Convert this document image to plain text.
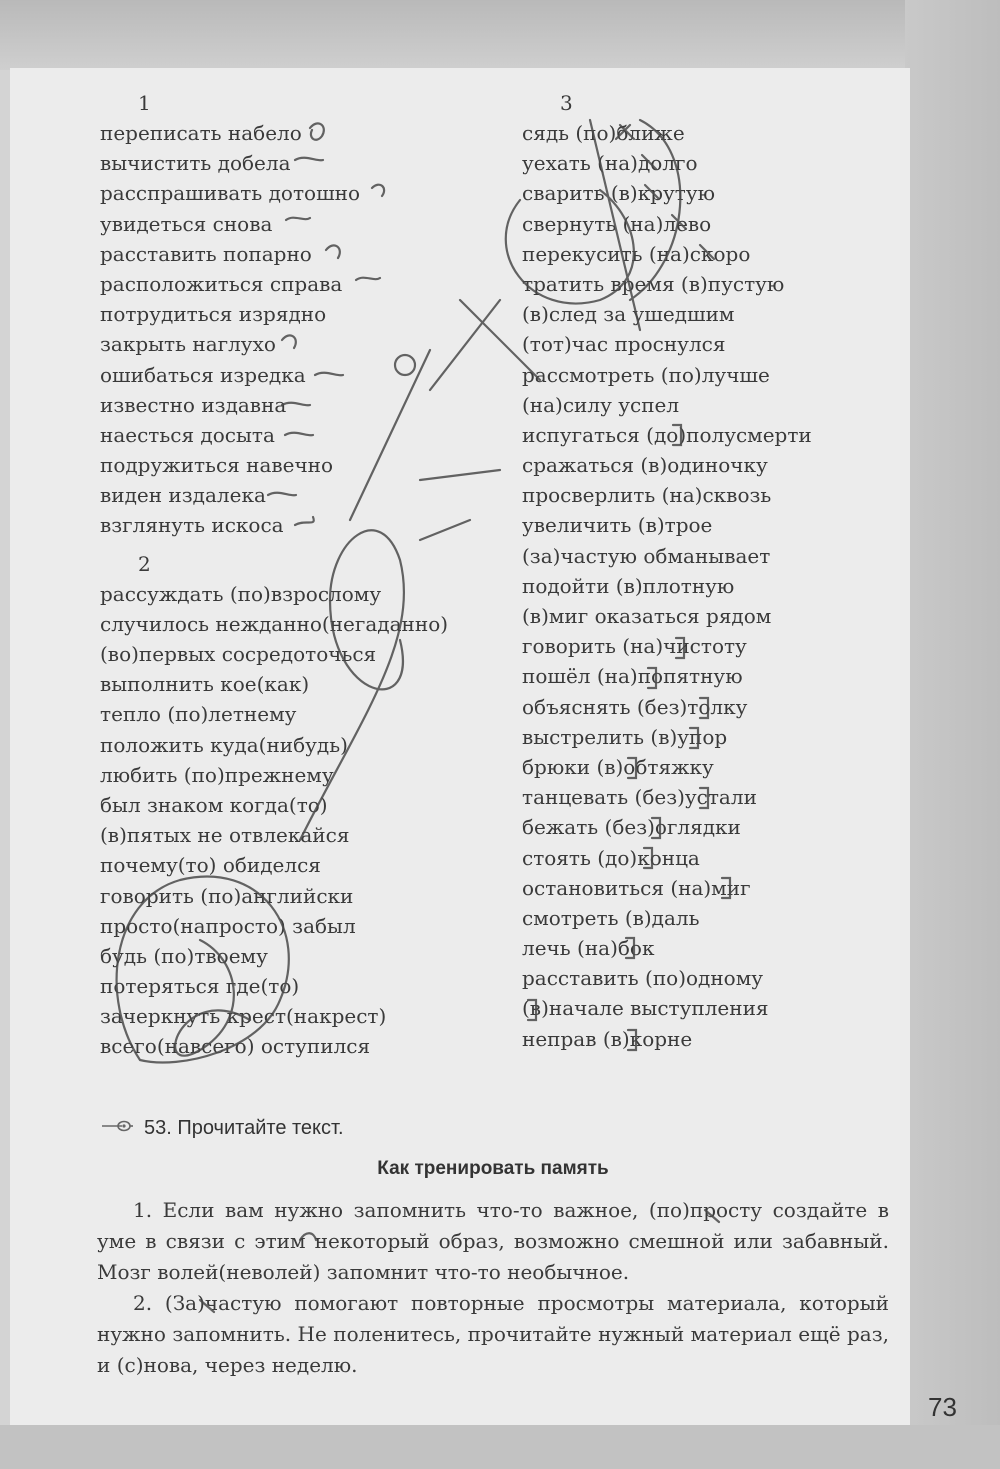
1
переписать набело
вычистить добела
расспрашивать дотошно
увидеться снова
расставить попарно
расположиться справа
потрудиться изрядно
закрыть наглухо
ошибаться изредка
известно издавна
наесться досыта
подружиться навечно
виден издалека
взглянуть искоса
2
рассуждать (по)взрослому
случилось нежданно(негаданно)
(во)первых сосредоточься
выполнить кое(как)
тепло (по)летнему
положить куда(нибудь)
любить (по)прежнему
был знаком когда(то)
(в)пятых не отвлекайся
почему(то) обиделся
говорить (по)английски
просто(напросто) забыл
будь (по)твоему
потеряться где(то)
зачеркнуть крест(накрест)
всего(навсего) оступился
3
сядь (по)ближе
уехать (на)долго
сварить (в)крутую
свернуть (на)лево
перекусить (на)скоро
тратить время (в)пустую
(в)след за ушедшим
(тот)час проснулся
рассмотреть (по)лучше
(на)силу успел
испугаться (до)полусмерти
сражаться (в)одиночку
просверлить (на)сквозь
увеличить (в)трое
(за)частую обманывает
подойти (в)плотную
(в)миг оказаться рядом
говорить (на)чистоту
пошёл (на)попятную
объяснять (без)толку
выстрелить (в)упор
брюки (в)обтяжку
танцевать (без)устали
бежать (без)оглядки
стоять (до)конца
остановиться (на)миг
смотреть (в)даль
лечь (на)бок
расставить (по)одному
(в)начале выступления
неправ (в)корне
53. Прочитайте текст.
Как тренировать память
1. Если вам нужно запомнить что-то важное, (по)просту создайте в уме в связи с этим некоторый образ, возможно смешной или забавный. Мозг волей(неволей) запомнит что-то необычное.
2. (За)частую помогают повторные просмотры материала, который нужно запомнить. Не поленитесь, прочитайте нужный материал ещё раз, и (с)нова, через неделю.
73
